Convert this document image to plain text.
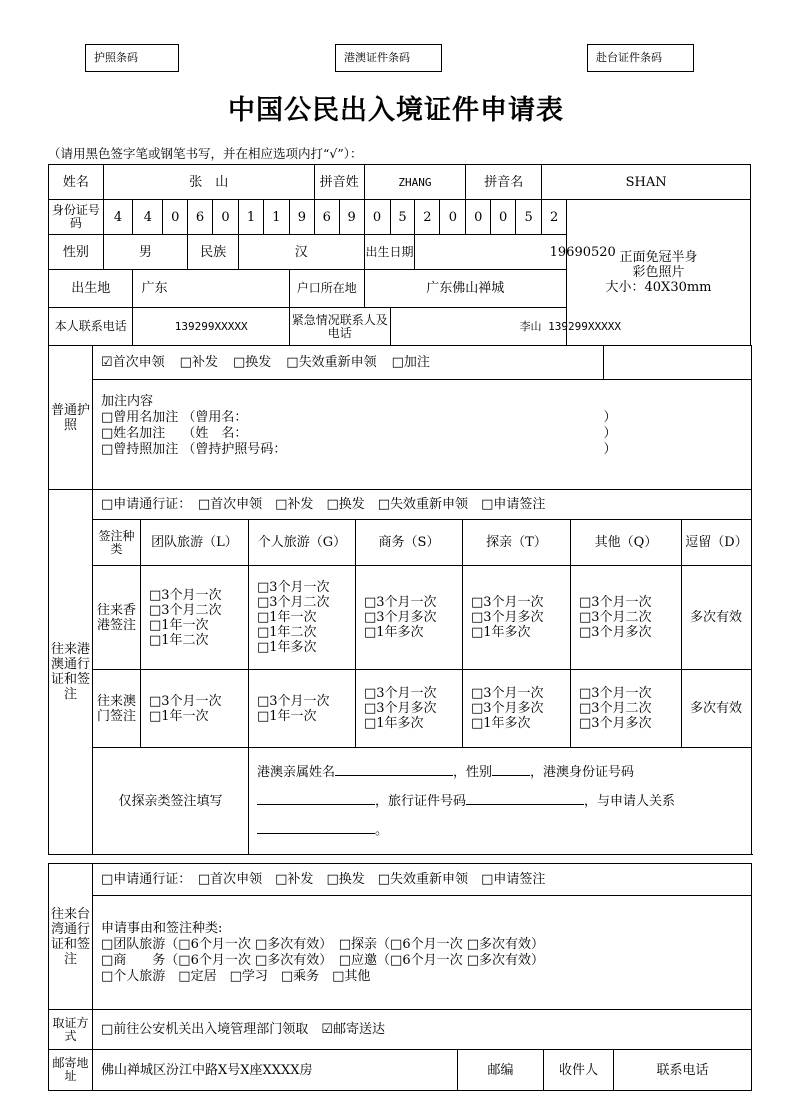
护照条码	港澳证件条码	赴台证件条码
中国公民出入境证件申请表
（请用黑色签字笔或钢笔书写，并在相应选项内打“√”）：
姓名	张　山								拼音姓		ZHANG				拼音名			SHAN	
身份证号码	4	4	0	6	0	1	1	9	6	9	0	5	2	0	0	0	5	2	正面免冠半身
彩色照片
大小：40X30mm

性别	男			民族		汉					出生日期		19690520						
出生地		广东						户口所在地			广东佛山禅城								
本人联系电话		139299XXXXX						紧急情况联系人及电话				李山 139299XXXXX							
普通护照	☑首次申领　 □补发　 □换发　 □失效重新申领　 □加注	

加注内容
□曾用名加注 （曾用名：	）
□姓名加注　 （姓　名：	）
□曾持照加注 （曾持护照号码：	）
往来港澳通行证和签注	□申请通行证：　 □首次申领　 □补发　 □换发　 □失效重新申领　 □申请签注						
	签注种类	团队旅游（L）	个人旅游（G）	商务（S）	探亲（T）	其他（Q）	逗留（D）
	往来香港签注	□3个月一次
□3个月二次
□1年一次
□1年二次	□3个月一次
□3个月二次
□1年一次
□1年二次
□1年多次	□3个月一次
□3个月多次
□1年多次	□3个月一次
□3个月多次
□1年多次	□3个月一次
□3个月二次
□3个月多次	多次有效
	往来澳门签注	□3个月一次
□1年一次	□3个月一次
□1年一次	□3个月一次
□3个月多次
□1年多次	□3个月一次
□3个月多次
□1年多次	□3个月一次
□3个月二次
□3个月多次	多次有效

	仅探亲类签注填写		港澳亲属姓名 ，性别 ，港澳身份证号码
，旅行证件号码 ，与申请人关系
。				
往来台湾通行证和签注	□申请通行证：　 □首次申领　 □补发　 □换发　 □失效重新申领　 □申请签注

申请事由和签注种类:
□团队旅游（□6个月一次 □多次有效）　□探亲（□6个月一次 □多次有效）
□商　　务（□6个月一次 □多次有效）　□应邀（□6个月一次 □多次有效）
□个人旅游　□定居　□学习　□乘务　□其他
取证方式	□前往公安机关出入境管理部门领取　 ☑邮寄送达			
邮寄地址	佛山禅城区汾江中路X号X座XXXX房	邮编	收件人	联系电话
